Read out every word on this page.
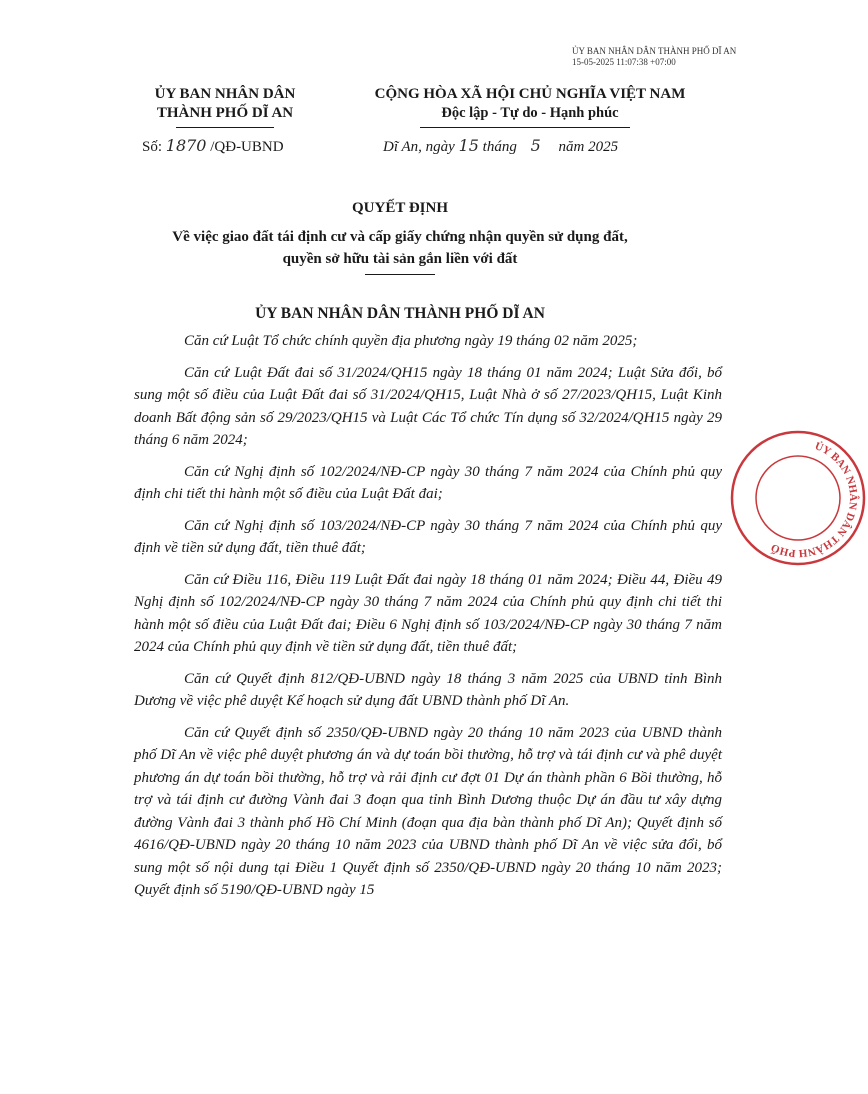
ỦY BAN NHÂN DÂN THÀNH PHỐ DĨ AN
15-05-2025 11:07:38 +07:00
ỦY BAN NHÂN DÂN
THÀNH PHỐ DĨ AN
CỘNG HÒA XÃ HỘI CHỦ NGHĨA VIỆT NAM
Độc lập - Tự do - Hạnh phúc
Số: 1870 /QĐ-UBND	Dĩ An, ngày 15 tháng 5 năm 2025
QUYẾT ĐỊNH
Về việc giao đất tái định cư và cấp giấy chứng nhận quyền sử dụng đất,
quyền sở hữu tài sản gắn liền với đất
ỦY BAN NHÂN DÂN THÀNH PHỐ DĨ AN

Căn cứ Luật Tổ chức chính quyền địa phương ngày 19 tháng 02 năm 2025;

Căn cứ Luật Đất đai số 31/2024/QH15 ngày 18 tháng 01 năm 2024; Luật Sửa đổi, bổ sung một số điều của Luật Đất đai số 31/2024/QH15, Luật Nhà ở số 27/2023/QH15, Luật Kinh doanh Bất động sản số 29/2023/QH15 và Luật Các Tổ chức Tín dụng số 32/2024/QH15 ngày 29 tháng 6 năm 2024;

Căn cứ Nghị định số 102/2024/NĐ-CP ngày 30 tháng 7 năm 2024 của Chính phủ quy định chi tiết thi hành một số điều của Luật Đất đai;

Căn cứ Nghị định số 103/2024/NĐ-CP ngày 30 tháng 7 năm 2024 của Chính phủ quy định về tiền sử dụng đất, tiền thuê đất;

Căn cứ Điều 116, Điều 119 Luật Đất đai ngày 18 tháng 01 năm 2024; Điều 44, Điều 49 Nghị định số 102/2024/NĐ-CP ngày 30 tháng 7 năm 2024 của Chính phủ quy định chi tiết thi hành một số điều của Luật Đất đai; Điều 6 Nghị định số 103/2024/NĐ-CP ngày 30 tháng 7 năm 2024 của Chính phủ quy định về tiền sử dụng đất, tiền thuê đất;

Căn cứ Quyết định 812/QĐ-UBND ngày 18 tháng 3 năm 2025 của UBND tỉnh Bình Dương về việc phê duyệt Kế hoạch sử dụng đất UBND thành phố Dĩ An.

Căn cứ Quyết định số 2350/QĐ-UBND ngày 20 tháng 10 năm 2023 của UBND thành phố Dĩ An về việc phê duyệt phương án và dự toán bồi thường, hỗ trợ và tái định cư và phê duyệt phương án dự toán bồi thường, hỗ trợ và rải định cư đợt 01 Dự án thành phần 6 Bồi thường, hỗ trợ và tái định cư đường Vành đai 3 đoạn qua tỉnh Bình Dương thuộc Dự án đầu tư xây dựng đường Vành đai 3 thành phố Hồ Chí Minh (đoạn qua địa bàn thành phố Dĩ An); Quyết định số 4616/QĐ-UBND ngày 20 tháng 10 năm 2023 của UBND thành phố Dĩ An về việc sửa đổi, bổ sung một số nội dung tại Điều 1 Quyết định số 2350/QĐ-UBND ngày 20 tháng 10 năm 2023; Quyết định số 5190/QĐ-UBND ngày 15

ỦY BAN NHÂN DÂN THÀNH PHỐ
